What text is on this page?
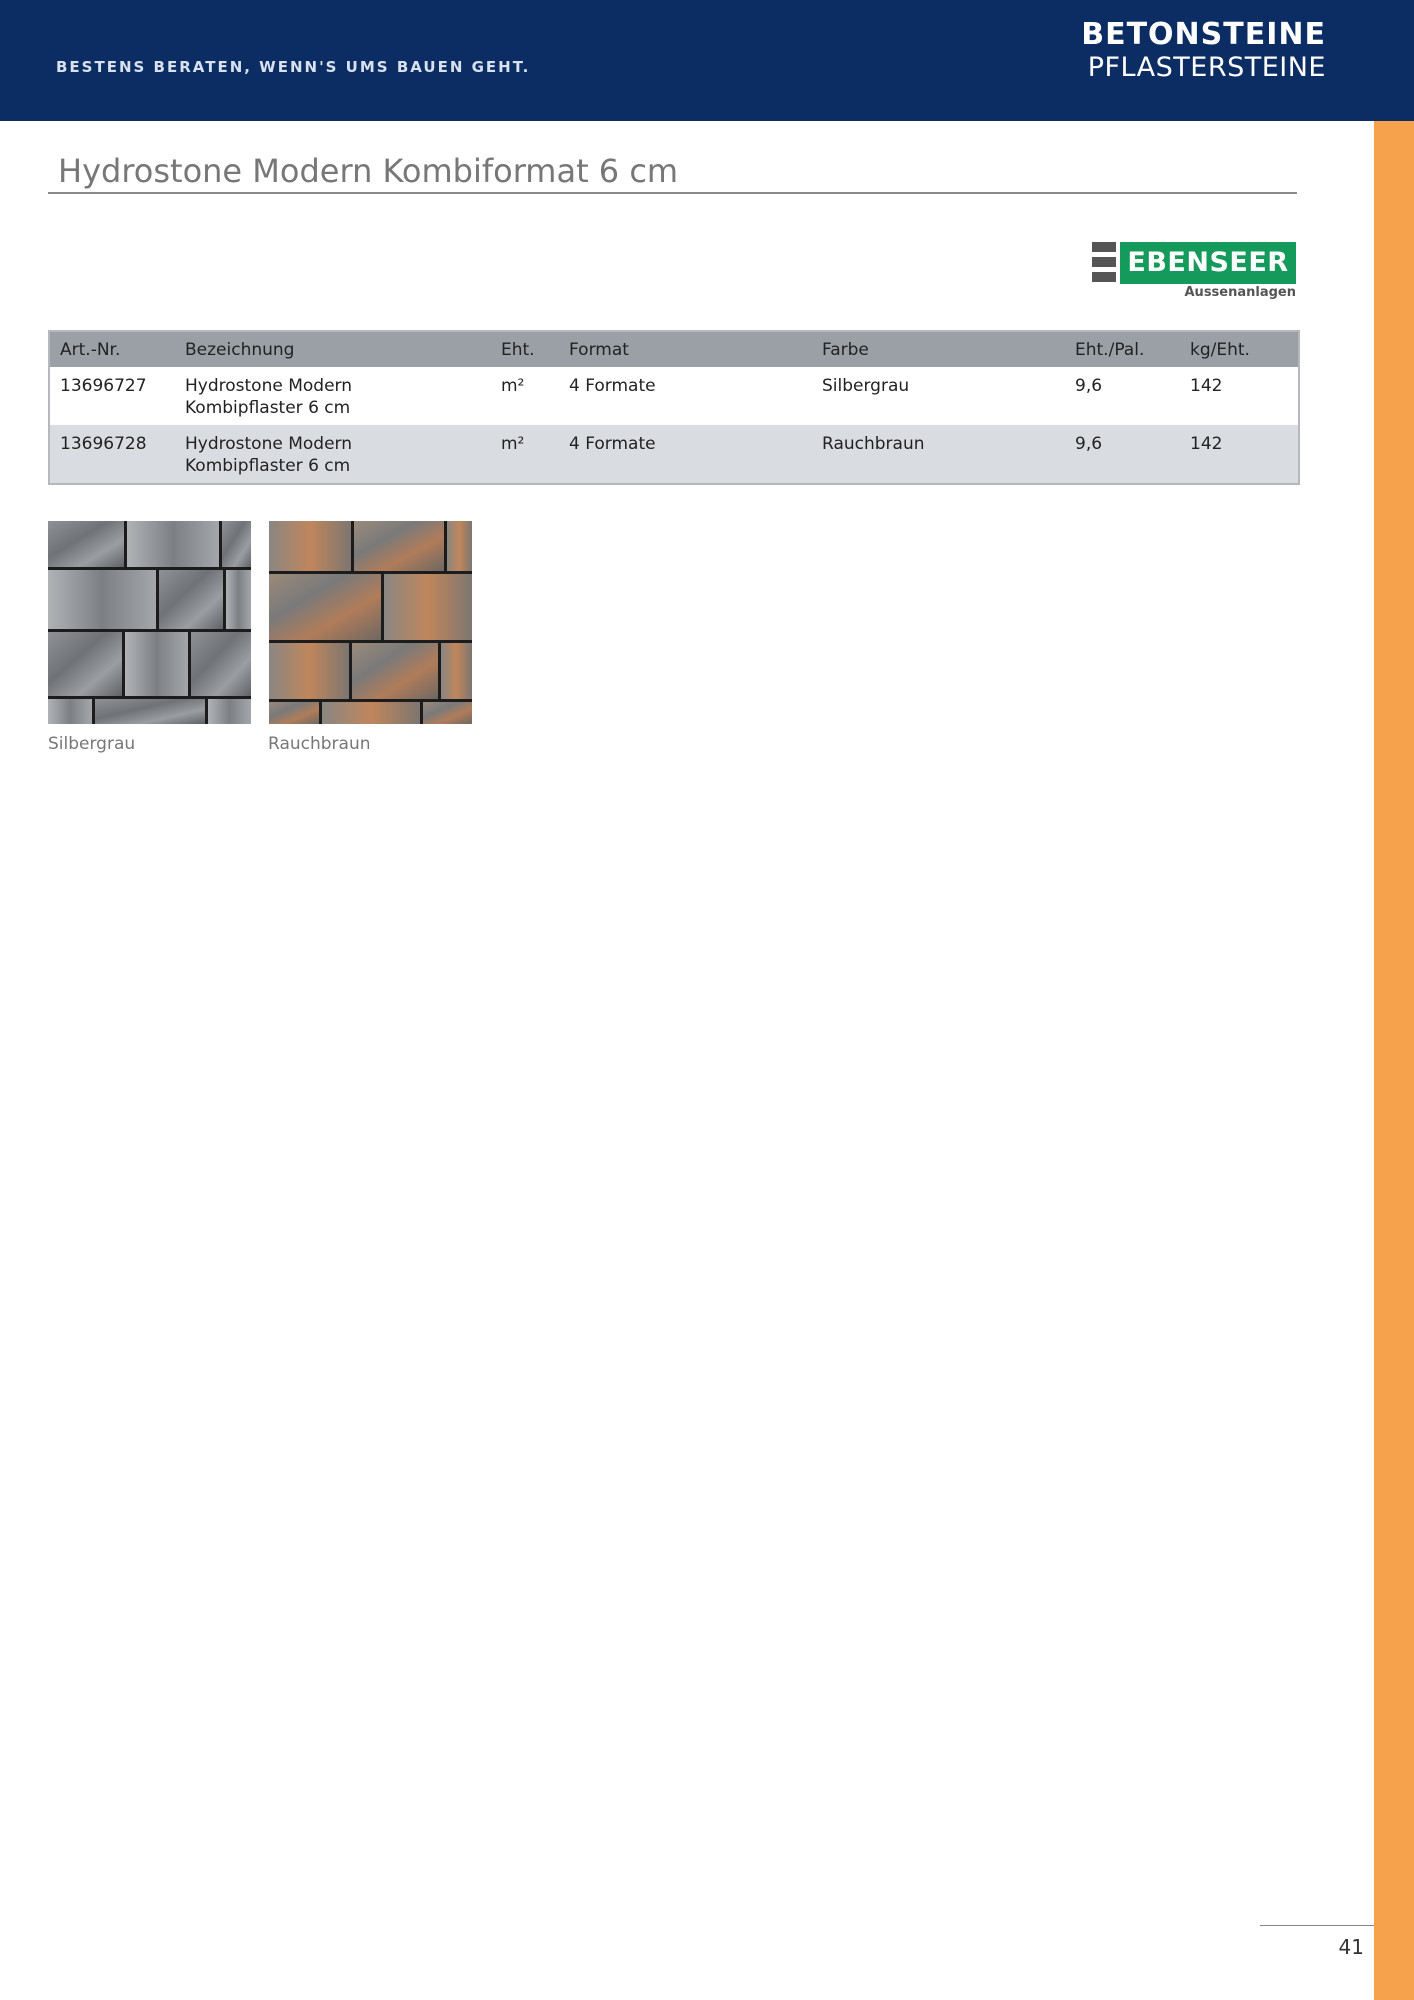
BESTENS BERATEN, WENN'S UMS BAUEN GEHT.
BETONSTEINE
PFLASTERSTEINE
Hydrostone Modern Kombiformat 6 cm
EBENSEER
Aussenanlagen
Art.-Nr.	Bezeichnung	Eht.	Format	Farbe	Eht./Pal.	kg/Eht.
13696727	Hydrostone Modern
Kombipflaster 6 cm	m²	4 Formate	Silbergrau	9,6	142
13696728	Hydrostone Modern
Kombipflaster 6 cm	m²	4 Formate	Rauchbraun	9,6	142
Silbergrau	Rauchbraun
41
